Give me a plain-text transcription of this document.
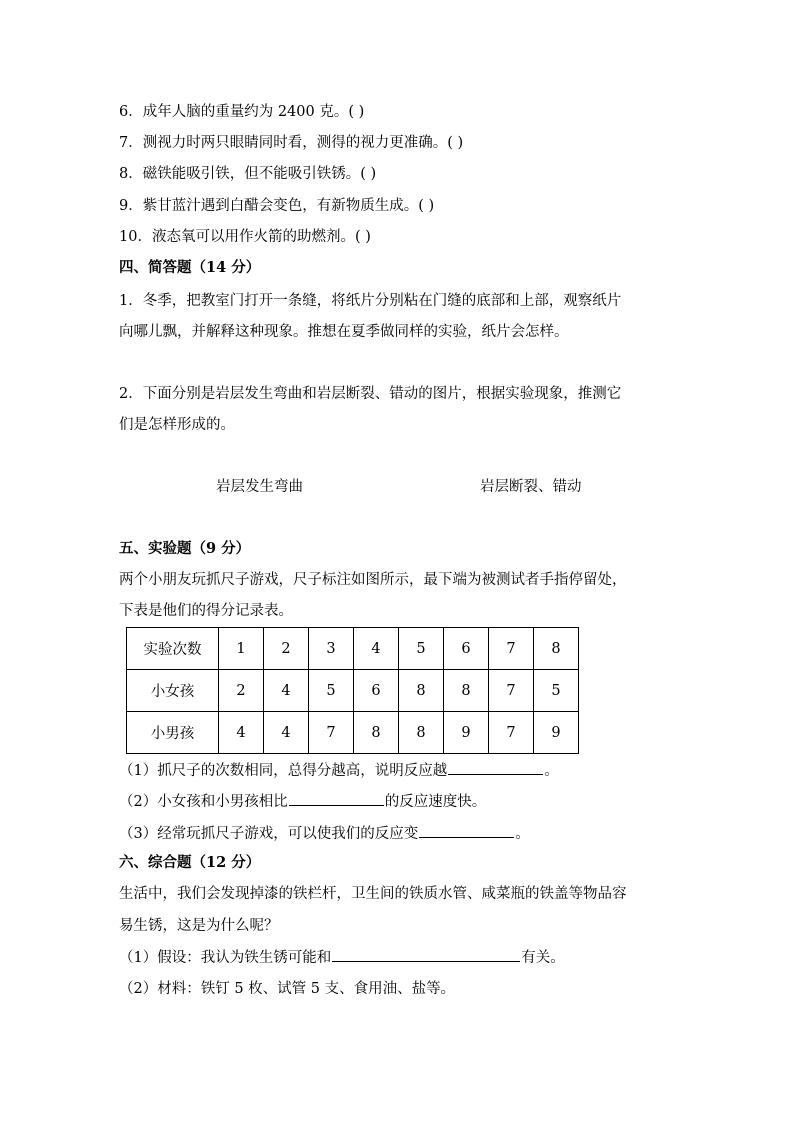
6．成年人脑的重量约为 2400 克。( )
7．测视力时两只眼睛同时看，测得的视力更准确。( )
8．磁铁能吸引铁，但不能吸引铁锈。( )
9．紫甘蓝汁遇到白醋会变色，有新物质生成。( )
10．液态氧可以用作火箭的助燃剂。( )
四、简答题（14 分）
1．冬季，把教室门打开一条缝，将纸片分别粘在门缝的底部和上部，观察纸片
向哪儿飘，并解释这种现象。推想在夏季做同样的实验，纸片会怎样。
2．下面分别是岩层发生弯曲和岩层断裂、错动的图片，根据实验现象，推测它
们是怎样形成的。
岩层发生弯曲	岩层断裂、错动
五、实验题（9 分）
两个小朋友玩抓尺子游戏，尺子标注如图所示，最下端为被测试者手指停留处，
下表是他们的得分记录表。
实验次数	1	2	3	4	5	6	7	8
小女孩	2	4	5	6	8	8	7	5
小男孩	4	4	7	8	8	9	7	9
（1）抓尺子的次数相同，总得分越高，说明反应越	。
（2）小女孩和小男孩相比	的反应速度快。
（3）经常玩抓尺子游戏，可以使我们的反应变	。
六、综合题（12 分）
生活中，我们会发现掉漆的铁栏杆，卫生间的铁质水管、咸菜瓶的铁盖等物品容
易生锈，这是为什么呢？
（1）假设：我认为铁生锈可能和	有关。
（2）材料：铁钉 5 枚、试管 5 支、食用油、盐等。
